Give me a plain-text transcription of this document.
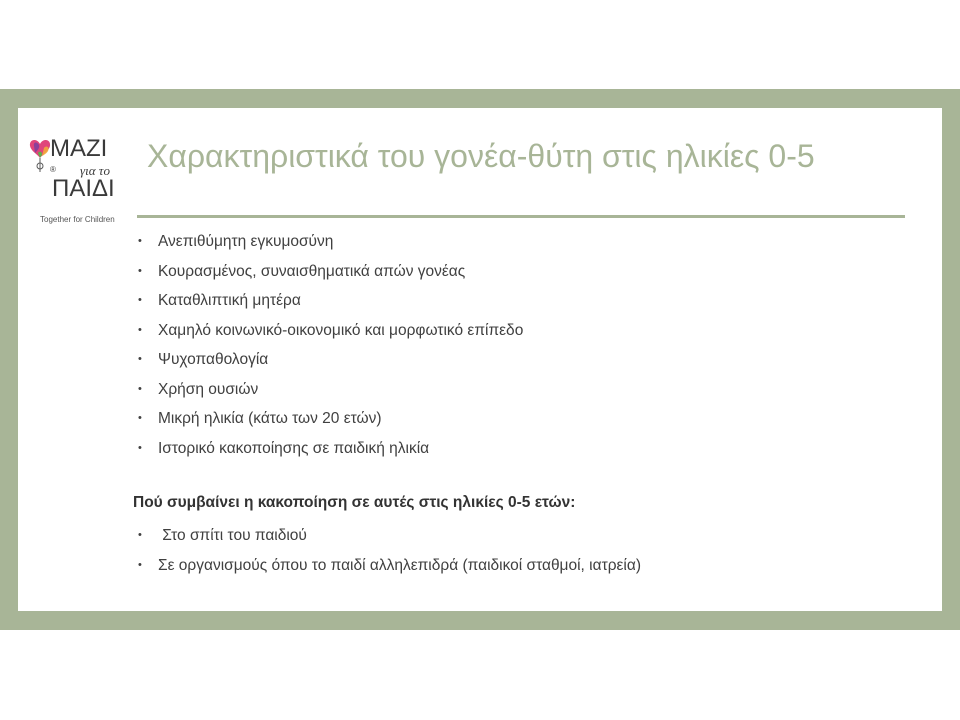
ΜΑΖΙ
® για το
ΠΑΙΔΙ
Together for Children
Χαρακτηριστικά του γονέα-θύτη στις ηλικίες 0-5
• Ανεπιθύμητη εγκυμοσύνη
• Κουρασμένος, συναισθηματικά απών γονέας
• Καταθλιπτική μητέρα
• Χαμηλό κοινωνικό-οικονομικό και μορφωτικό επίπεδο
• Ψυχοπαθολογία
• Χρήση ουσιών
• Μικρή ηλικία (κάτω των 20 ετών)
• Ιστορικό κακοποίησης σε παιδική ηλικία
Πού συμβαίνει η κακοποίηση σε αυτές στις ηλικίες 0-5 ετών:
• Στο σπίτι του παιδιού
• Σε οργανισμούς όπου το παιδί αλληλεπιδρά (παιδικοί σταθμοί, ιατρεία)
